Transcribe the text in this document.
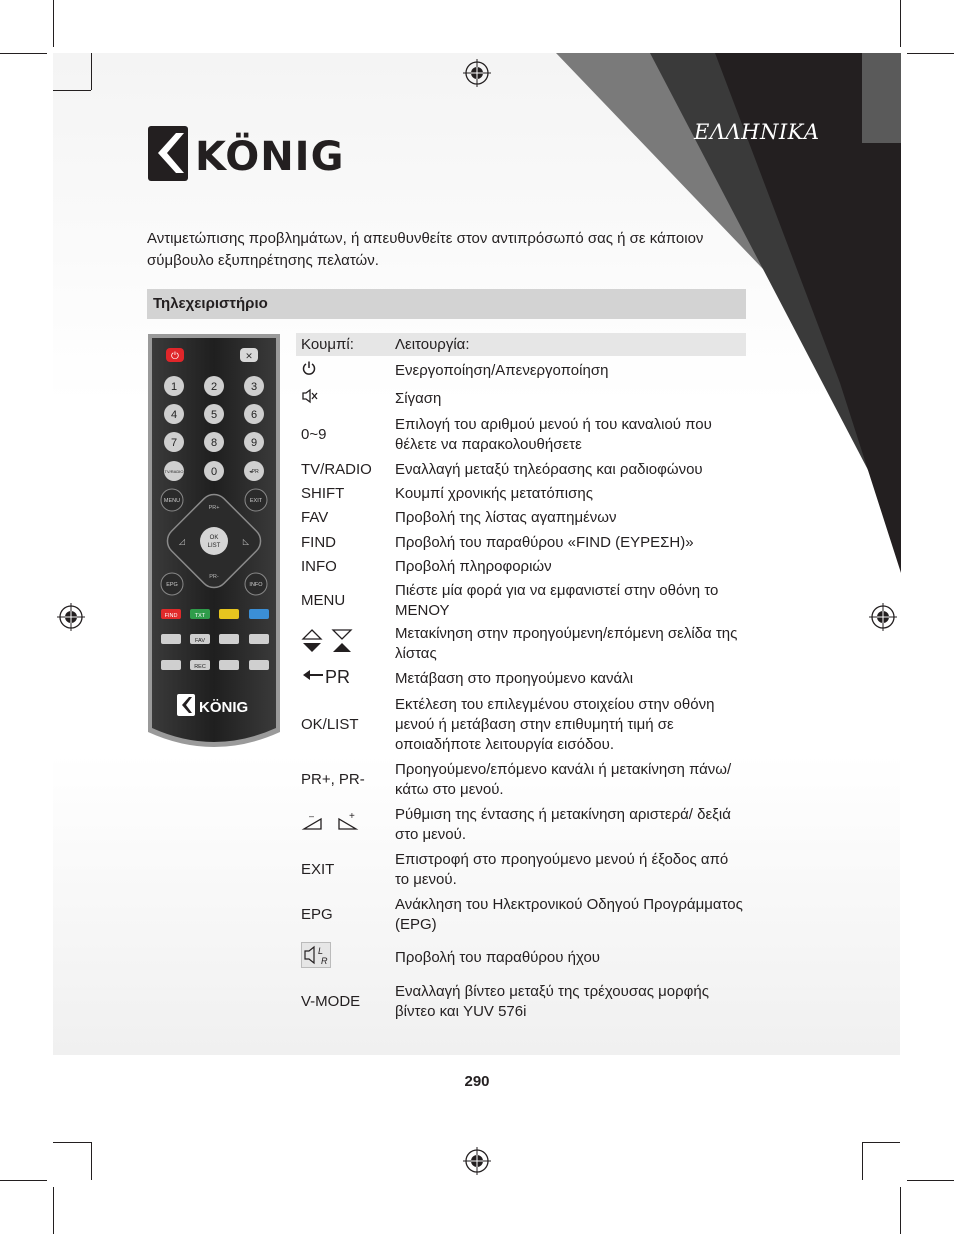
ΕΛΛΗΝΙΚΑ
KÖNIG
Αντιμετώπισης προβλημάτων, ή απευθυνθείτε στον αντιπρόσωπό σας ή σε κάποιον σύμβουλο εξυπηρέτησης πελατών.
Τηλεχειριστήριο
⏻	✕
1	2	3
4	5	6
7	8	9
TV/RADIO 0	◂PR
MENU	EXIT
EPG	INFO
OK
LIST
PR+
PR-
◿	◺
FIND	TXT
FAV
REC
KÖNIG
Κουμπί:	Λειτουργία:
	Ενεργοποίηση/Απενεργοποίηση
	Σίγαση
0~9	Επιλογή του αριθμού μενού ή του καναλιού που θέλετε να παρακολουθήσετε
TV/RADIO	Εναλλαγή μεταξύ τηλεόρασης και ραδιοφώνου
SHIFT	Κουμπί χρονικής μετατόπισης
FAV	Προβολή της λίστας αγαπημένων
FIND	Προβολή του παραθύρου «FIND (ΕΥΡΕΣΗ)»
INFO	Προβολή πληροφοριών
MENU	Πιέστε μία φορά για να εμφανιστεί στην οθόνη το ΜΕΝΟΥ
	Μετακίνηση στην προηγούμενη/επόμενη σελίδα της λίστας

PR	Μετάβαση στο προηγούμενο κανάλι
OK/LIST	Εκτέλεση του επιλεγμένου στοιχείου στην οθόνη μενού ή μετάβαση στην επιθυμητή τιμή σε οποιαδήποτε λειτουργία εισόδου.
PR+, PR-	Προηγούμενο/επόμενο κανάλι ή μετακίνηση πάνω/κάτω στο μενού.

– +	Ρύθμιση της έντασης ή μετακίνηση αριστερά/ δεξιά στο μενού.
EXIT	Επιστροφή στο προηγούμενο μενού ή έξοδος από το μενού.
EPG	Ανάκληση του Ηλεκτρονικού Οδηγού Προγράμματος (EPG)

L
R	Προβολή του παραθύρου ήχου
V-MODE	Εναλλαγή βίντεο μεταξύ της τρέχουσας μορφής βίντεο και YUV 576i
290
